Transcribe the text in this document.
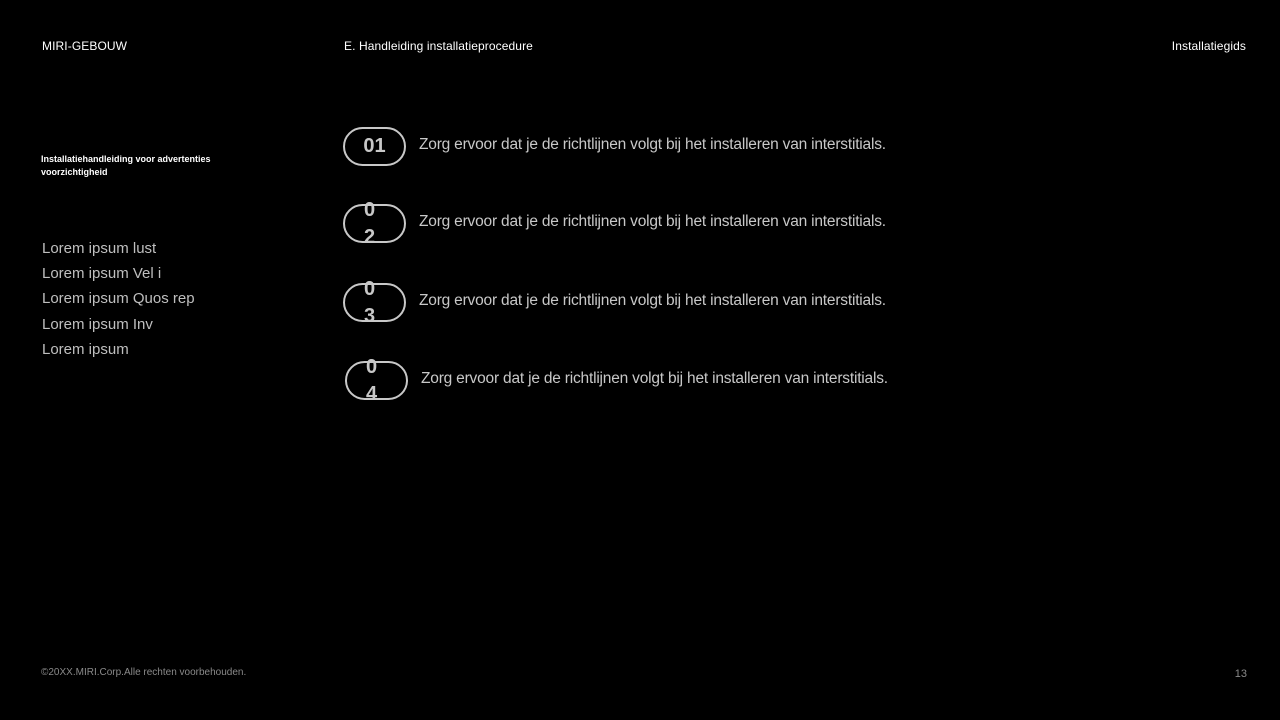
MIRI-GEBOUW	E. Handleiding installatieprocedure	Installatiegids
Installatiehandleiding voor advertenties voorzichtigheid
Lorem ipsum lust
Lorem ipsum Vel i
Lorem ipsum Quos rep
Lorem ipsum Inv
Lorem ipsum
01 Zorg ervoor dat je de richtlijnen volgt bij het installeren van interstitials.
02
Zorg ervoor dat je de richtlijnen volgt bij het installeren van interstitials.
03
Zorg ervoor dat je de richtlijnen volgt bij het installeren van interstitials.
04
Zorg ervoor dat je de richtlijnen volgt bij het installeren van interstitials.
©20XX.MIRI.Corp.Alle rechten voorbehouden.	13
